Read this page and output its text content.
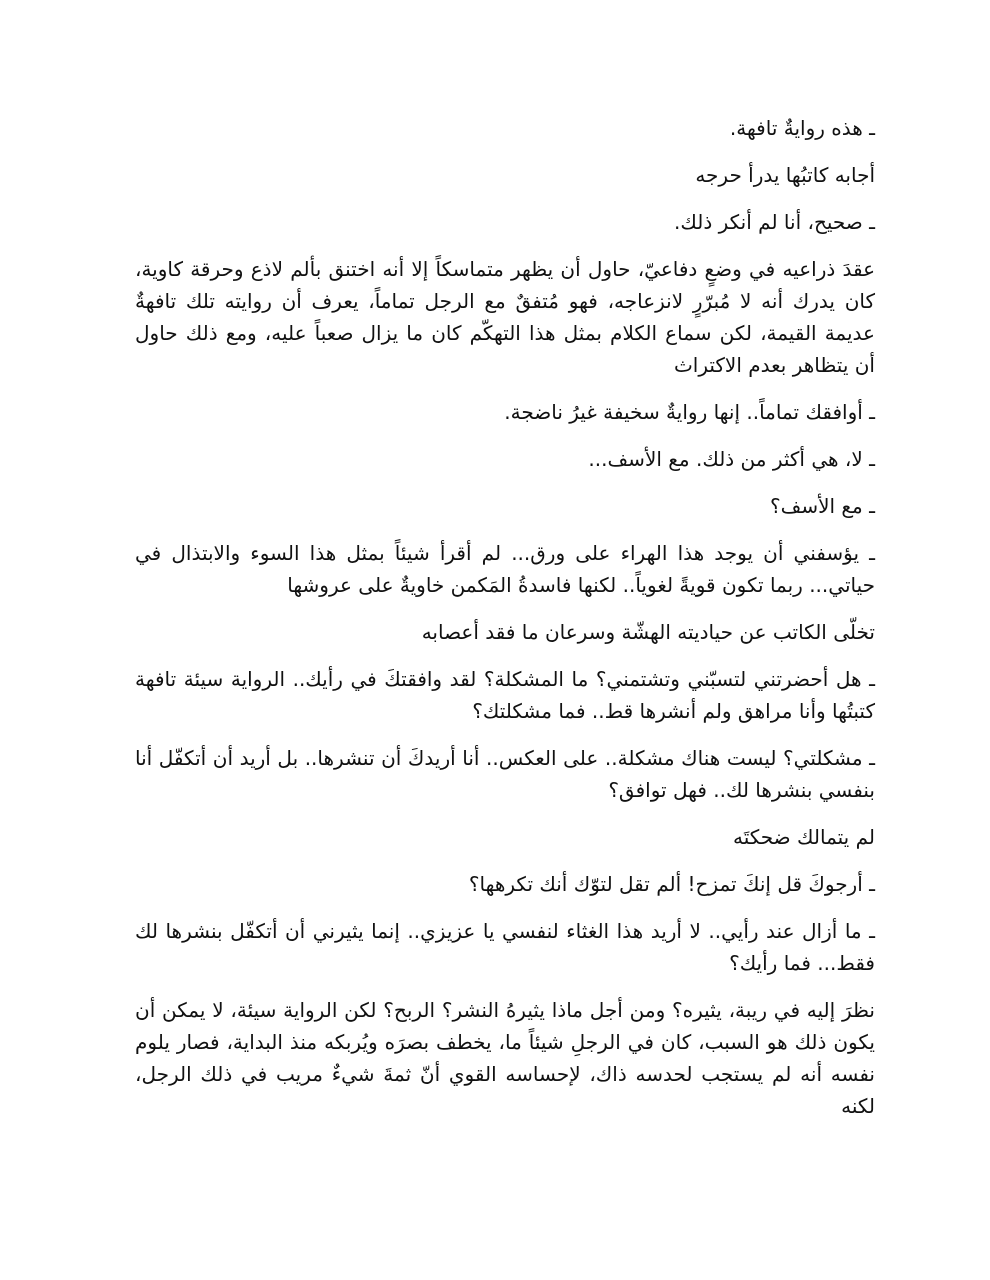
ـ هذه روايةٌ تافهة.

أجابه كاتبُها يدرأ حرجه

ـ صحيح، أنا لم أنكر ذلك.

عقدَ ذراعيه في وضعٍ دفاعيّ، حاول أن يظهر متماسكاً إلا أنه اختنق بألم لاذع وحرقة كاوية، كان يدرك أنه لا مُبرّرٍ لانزعاجه، فهو مُتفقٌ مع الرجل تماماً، يعرف أن روايته تلك تافهةٌ عديمة القيمة، لكن سماع الكلام بمثل هذا التهكّم كان ما يزال صعباً عليه، ومع ذلك حاول أن يتظاهر بعدم الاكتراث

ـ أوافقك تماماً.. إنها روايةٌ سخيفة غيرُ ناضجة.

ـ لا، هي أكثر من ذلك. مع الأسف...

ـ مع الأسف؟

ـ يؤسفني أن يوجد هذا الهراء على ورق... لم أقرأ شيئاً بمثل هذا السوء والابتذال في حياتي... ربما تكون قويةً لغوياً.. لكنها فاسدةُ المَكمن خاويةٌ على عروشها

تخلّى الكاتب عن حياديته الهشّة وسرعان ما فقد أعصابه

ـ هل أحضرتني لتسبّني وتشتمني؟ ما المشكلة؟ لقد وافقتكَ في رأيك.. الرواية سيئة تافهة كتبتُها وأنا مراهق ولم أنشرها قط.. فما مشكلتك؟

ـ مشكلتي؟ ليست هناك مشكلة.. على العكس.. أنا أريدكَ أن تنشرها.. بل أريد أن أتكفّل أنا بنفسي بنشرها لك.. فهل توافق؟

لم يتمالك ضحكتَه

ـ أرجوكَ قل إنكَ تمزح! ألم تقل لتوّك أنك تكرهها؟

ـ ما أزال عند رأيي.. لا أريد هذا الغثاء لنفسي يا عزيزي.. إنما يثيرني أن أتكفّل بنشرها لك فقط... فما رأيك؟

نظرَ إليه في ريبة، يثيره؟ ومن أجل ماذا يثيرهُ النشر؟ الربح؟ لكن الرواية سيئة، لا يمكن أن يكون ذلك هو السبب، كان في الرجلِ شيئاً ما، يخطف بصرَه ويُربكه منذ البداية، فصار يلوم نفسه أنه لم يستجب لحدسه ذاك، لإحساسه القوي أنّ ثمةَ شيءٌ مريب في ذلك الرجل، لكنه
